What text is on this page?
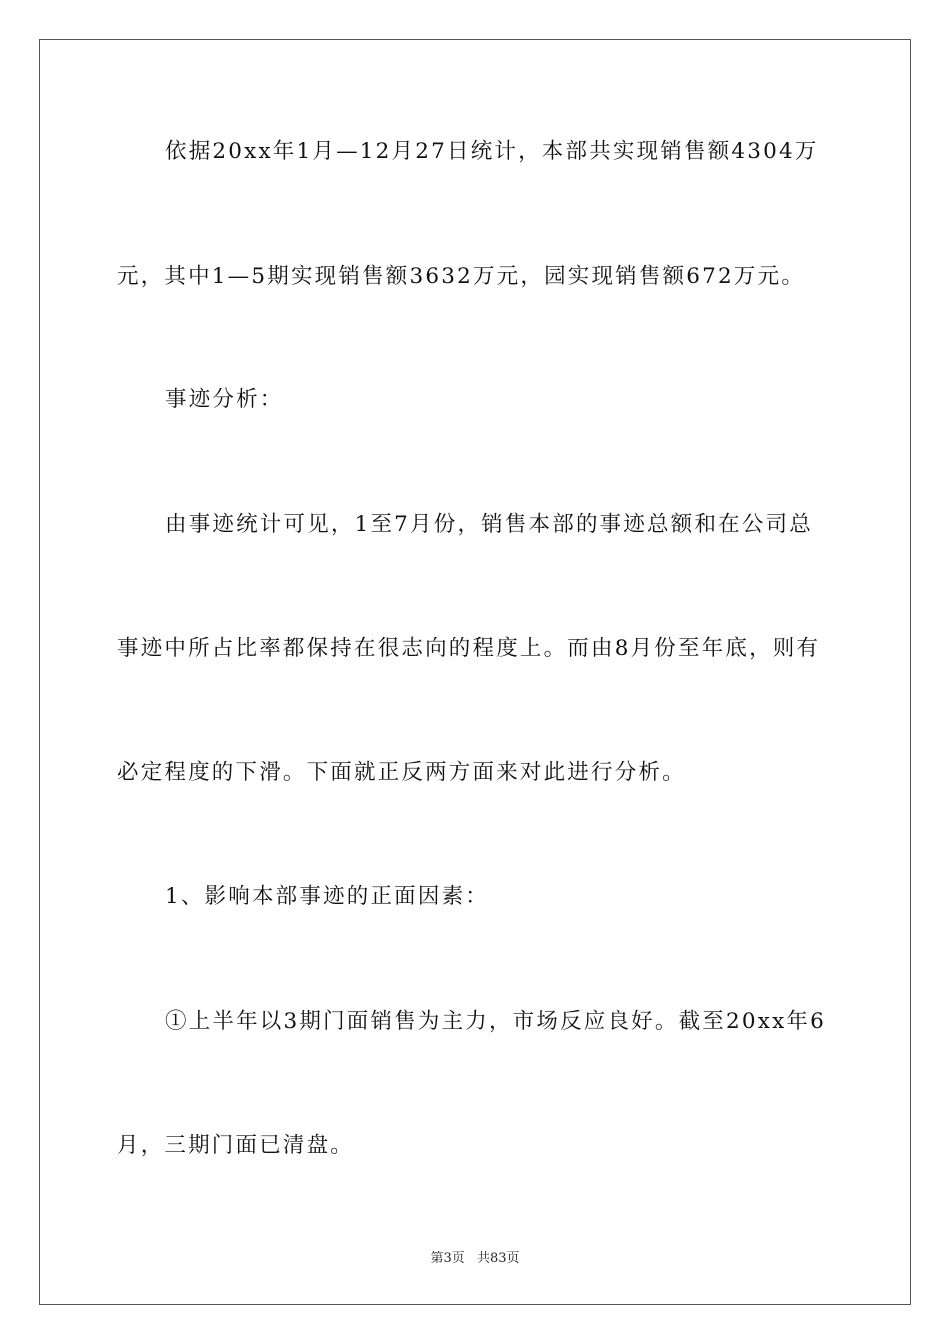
依据20xx年1月—12月27日统计，本部共实现销售额4304万
元，其中1—5期实现销售额3632万元，园实现销售额672万元。
事迹分析：
由事迹统计可见，1至7月份，销售本部的事迹总额和在公司总
事迹中所占比率都保持在很志向的程度上。而由8月份至年底，则有
必定程度的下滑。下面就正反两方面来对此进行分析。
1、影响本部事迹的正面因素：
①上半年以3期门面销售为主力，市场反应良好。截至20xx年6
月，三期门面已清盘。
第3页 共83页
